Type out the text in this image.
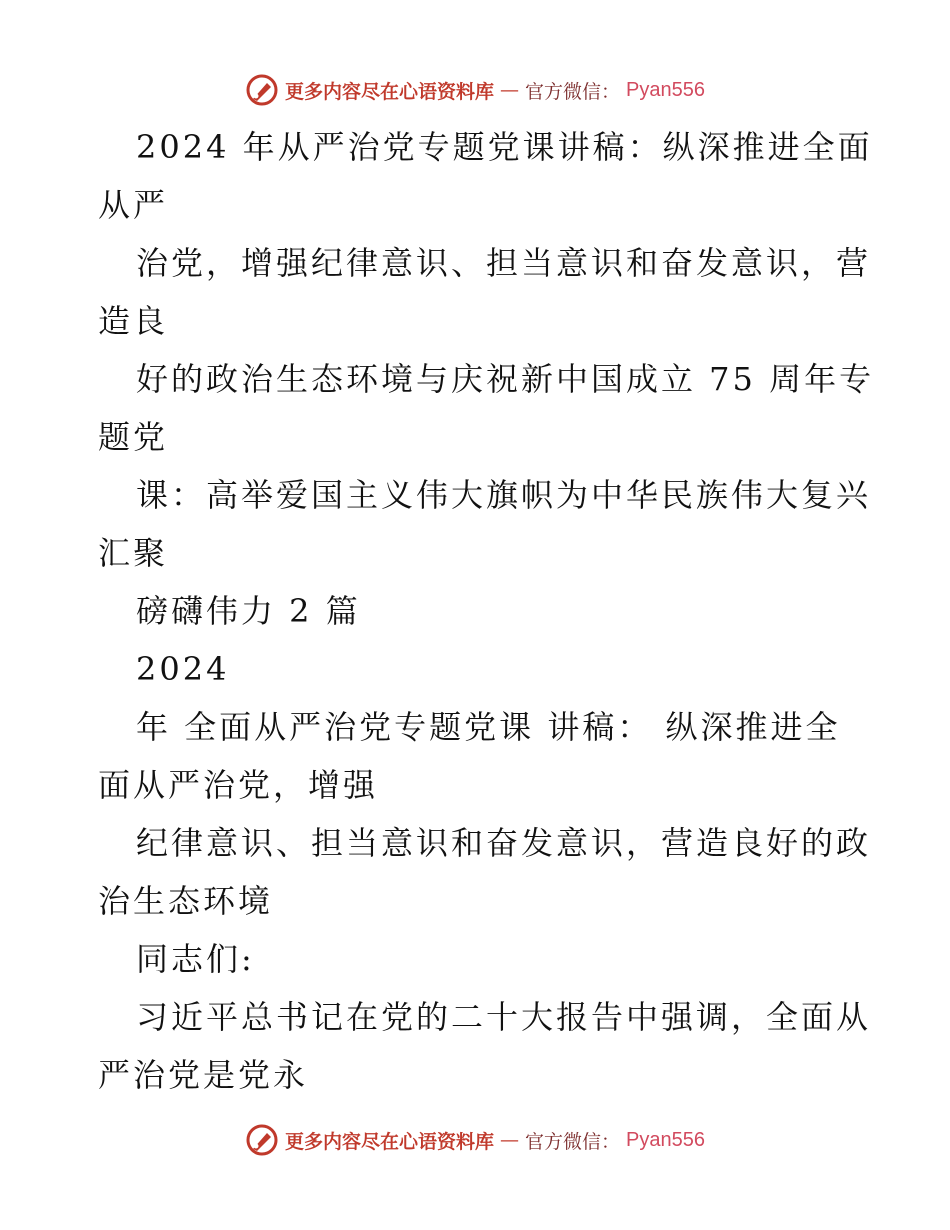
更多内容尽在心语资料库 — 官方微信： Pyan556
2024 年从严治党专题党课讲稿：纵深推进全面
从严
治党，增强纪律意识、担当意识和奋发意识，营
造良
好的政治生态环境与庆祝新中国成立 75 周年专
题党
课：高举爱国主义伟大旗帜为中华民族伟大复兴
汇聚
磅礴伟力 2 篇
2024
年 全面从严治党专题党课 讲稿： 纵深推进全
面从严治党，增强
纪律意识、担当意识和奋发意识，营造良好的政
治生态环境
同志们:
习近平总书记在党的二十大报告中强调，全面从
严治党是党永
更多内容尽在心语资料库 — 官方微信： Pyan556
